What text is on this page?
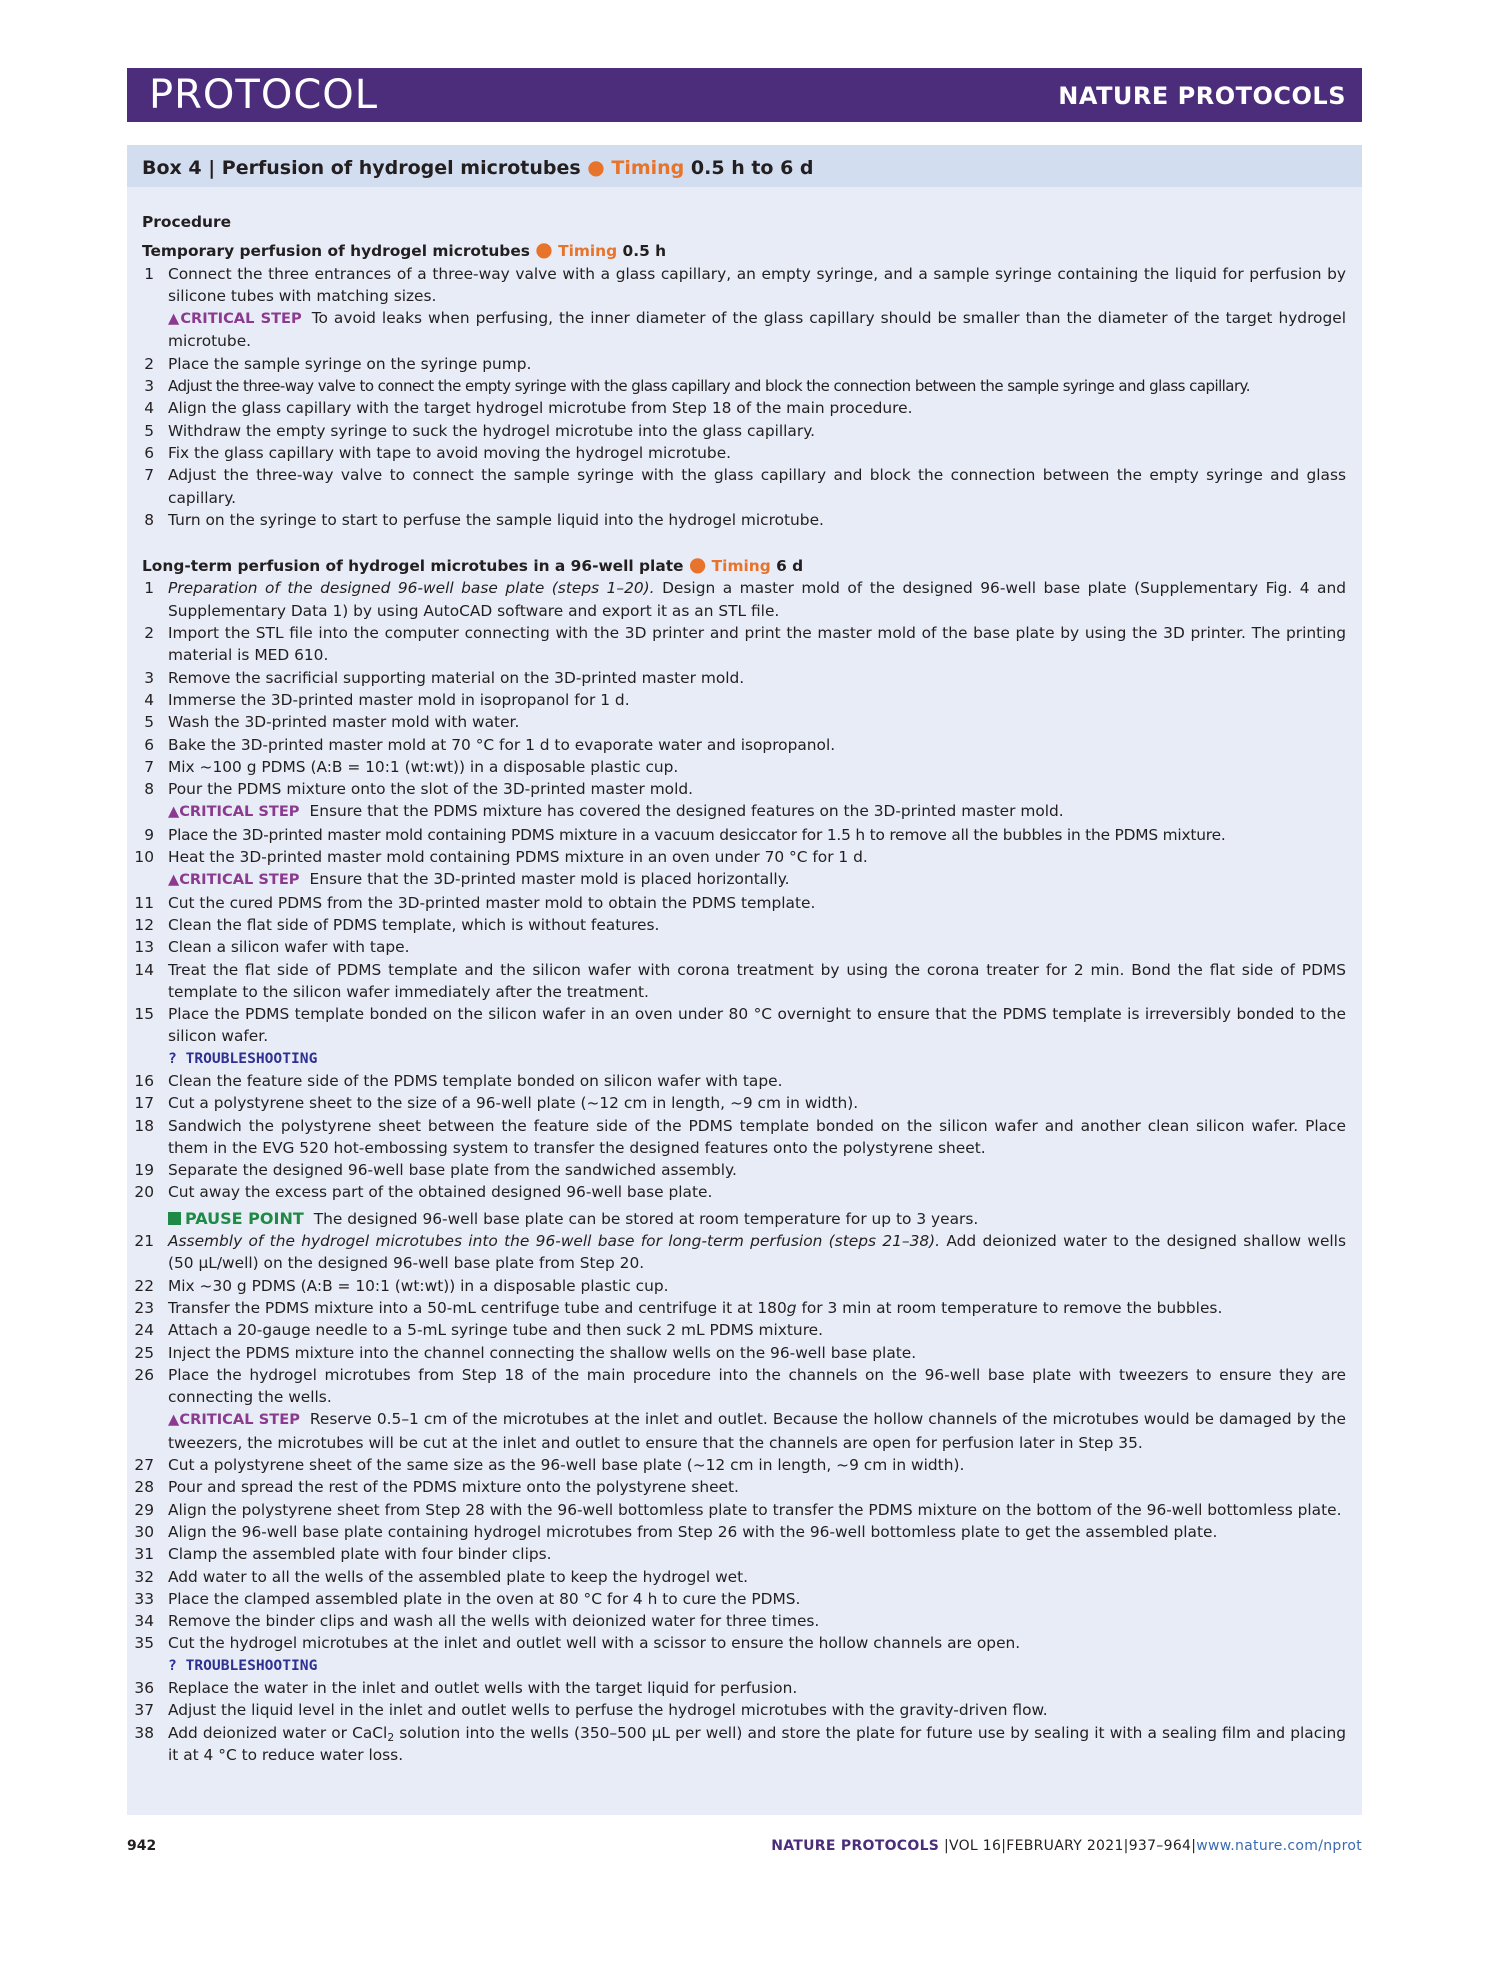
PROTOCOL	NATURE PROTOCOLS
Box 4 | Perfusion of hydrogel microtubes ● Timing 0.5 h to 6 d

Procedure

Temporary perfusion of hydrogel microtubes ● Timing 0.5 h

1 Connect the three entrances of a three-way valve with a glass capillary, an empty syringe, and a sample syringe containing the liquid for perfusion by silicone tubes with matching sizes.
▲CRITICAL STEP To avoid leaks when perfusing, the inner diameter of the glass capillary should be smaller than the diameter of the target hydrogel microtube.
2 Place the sample syringe on the syringe pump.
3 Adjust the three-way valve to connect the empty syringe with the glass capillary and block the connection between the sample syringe and glass capillary.
4 Align the glass capillary with the target hydrogel microtube from Step 18 of the main procedure.
5 Withdraw the empty syringe to suck the hydrogel microtube into the glass capillary.
6 Fix the glass capillary with tape to avoid moving the hydrogel microtube.
7 Adjust the three-way valve to connect the sample syringe with the glass capillary and block the connection between the empty syringe and glass capillary.
8 Turn on the syringe to start to perfuse the sample liquid into the hydrogel microtube.

Long-term perfusion of hydrogel microtubes in a 96-well plate ● Timing 6 d

1 Preparation of the designed 96-well base plate (steps 1–20). Design a master mold of the designed 96-well base plate (Supplementary Fig. 4 and Supplementary Data 1) by using AutoCAD software and export it as an STL file.
2 Import the STL file into the computer connecting with the 3D printer and print the master mold of the base plate by using the 3D printer. The printing material is MED 610.
3 Remove the sacrificial supporting material on the 3D-printed master mold.
4 Immerse the 3D-printed master mold in isopropanol for 1 d.
5 Wash the 3D-printed master mold with water.
6 Bake the 3D-printed master mold at 70 °C for 1 d to evaporate water and isopropanol.
7 Mix ~100 g PDMS (A:B = 10:1 (wt:wt)) in a disposable plastic cup.
8 Pour the PDMS mixture onto the slot of the 3D-printed master mold.
▲CRITICAL STEP Ensure that the PDMS mixture has covered the designed features on the 3D-printed master mold.
9 Place the 3D-printed master mold containing PDMS mixture in a vacuum desiccator for 1.5 h to remove all the bubbles in the PDMS mixture.
10 Heat the 3D-printed master mold containing PDMS mixture in an oven under 70 °C for 1 d.
▲CRITICAL STEP Ensure that the 3D-printed master mold is placed horizontally.
11 Cut the cured PDMS from the 3D-printed master mold to obtain the PDMS template.
12 Clean the flat side of PDMS template, which is without features.
13 Clean a silicon wafer with tape.
14 Treat the flat side of PDMS template and the silicon wafer with corona treatment by using the corona treater for 2 min. Bond the flat side of PDMS template to the silicon wafer immediately after the treatment.
15 Place the PDMS template bonded on the silicon wafer in an oven under 80 °C overnight to ensure that the PDMS template is irreversibly bonded to the silicon wafer.
? TROUBLESHOOTING
16 Clean the feature side of the PDMS template bonded on silicon wafer with tape.
17 Cut a polystyrene sheet to the size of a 96-well plate (~12 cm in length, ~9 cm in width).
18 Sandwich the polystyrene sheet between the feature side of the PDMS template bonded on the silicon wafer and another clean silicon wafer. Place them in the EVG 520 hot-embossing system to transfer the designed features onto the polystyrene sheet.
19 Separate the designed 96-well base plate from the sandwiched assembly.
20 Cut away the excess part of the obtained designed 96-well base plate.
PAUSE POINT The designed 96-well base plate can be stored at room temperature for up to 3 years.
21 Assembly of the hydrogel microtubes into the 96-well base for long-term perfusion (steps 21–38). Add deionized water to the designed shallow wells (50 μL/well) on the designed 96-well base plate from Step 20.
22 Mix ~30 g PDMS (A:B = 10:1 (wt:wt)) in a disposable plastic cup.
23 Transfer the PDMS mixture into a 50-mL centrifuge tube and centrifuge it at 180g for 3 min at room temperature to remove the bubbles.
24 Attach a 20-gauge needle to a 5-mL syringe tube and then suck 2 mL PDMS mixture.
25 Inject the PDMS mixture into the channel connecting the shallow wells on the 96-well base plate.
26 Place the hydrogel microtubes from Step 18 of the main procedure into the channels on the 96-well base plate with tweezers to ensure they are connecting the wells.
▲CRITICAL STEP Reserve 0.5–1 cm of the microtubes at the inlet and outlet. Because the hollow channels of the microtubes would be damaged by the tweezers, the microtubes will be cut at the inlet and outlet to ensure that the channels are open for perfusion later in Step 35.
27 Cut a polystyrene sheet of the same size as the 96-well base plate (~12 cm in length, ~9 cm in width).
28 Pour and spread the rest of the PDMS mixture onto the polystyrene sheet.
29 Align the polystyrene sheet from Step 28 with the 96-well bottomless plate to transfer the PDMS mixture on the bottom of the 96-well bottomless plate.
30 Align the 96-well base plate containing hydrogel microtubes from Step 26 with the 96-well bottomless plate to get the assembled plate.
31 Clamp the assembled plate with four binder clips.
32 Add water to all the wells of the assembled plate to keep the hydrogel wet.
33 Place the clamped assembled plate in the oven at 80 °C for 4 h to cure the PDMS.
34 Remove the binder clips and wash all the wells with deionized water for three times.
35 Cut the hydrogel microtubes at the inlet and outlet well with a scissor to ensure the hollow channels are open.
? TROUBLESHOOTING
36 Replace the water in the inlet and outlet wells with the target liquid for perfusion.
37 Adjust the liquid level in the inlet and outlet wells to perfuse the hydrogel microtubes with the gravity-driven flow.
38 Add deionized water or CaCl$_2$ solution into the wells (350–500 μL per well) and store the plate for future use by sealing it with a sealing film and placing it at 4 °C to reduce water loss.
942	NATURE PROTOCOLS |VOL 16|FEBRUARY 2021|937–964|www.nature.com/nprot
